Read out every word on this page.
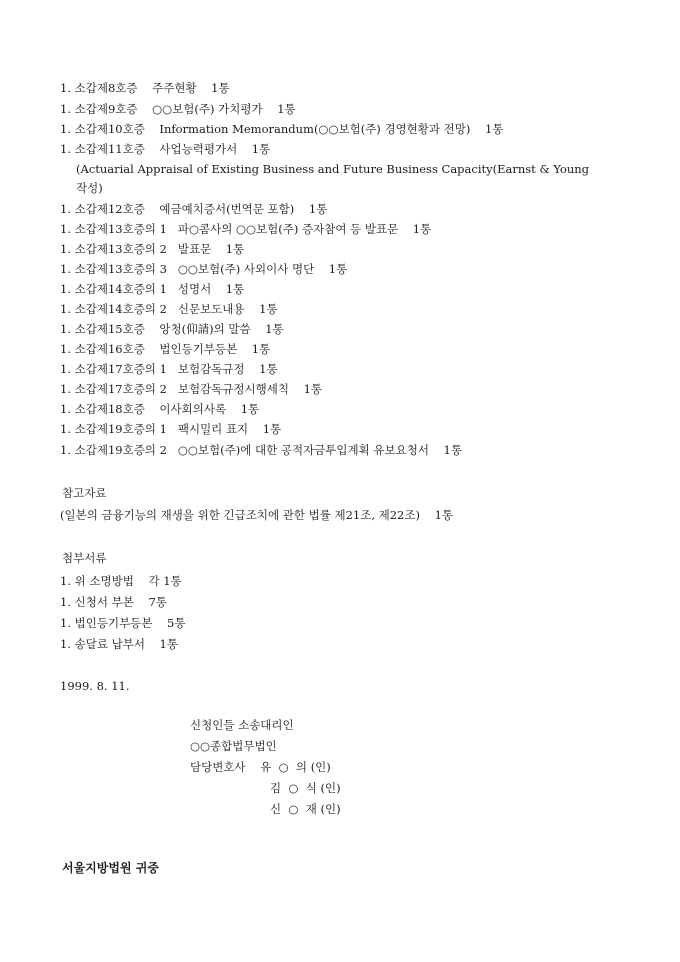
1. 소갑제8호증    주주현황    1통
1. 소갑제9호증    ○○보험(주) 가치평가    1통
1. 소갑제10호증    Information Memorandum(○○보험(주) 경영현황과 전망)    1통
1. 소갑제11호증    사업능력평가서    1통
(Actuarial Appraisal of Existing Business and Future Business Capacity(Earnst & Young
작성)
1. 소갑제12호증    예금예치증서(번역문 포함)    1통
1. 소갑제13호증의 1   파○콤사의 ○○보험(주) 증자참여 등 발표문    1통
1. 소갑제13호증의 2   발표문    1통
1. 소갑제13호증의 3   ○○보험(주) 사외이사 명단    1통
1. 소갑제14호증의 1   성명서    1통
1. 소갑제14호증의 2   신문보도내용    1통
1. 소갑제15호증    앙청(仰請)의 말씀    1통
1. 소갑제16호증    법인등기부등본    1통
1. 소갑제17호증의 1   보험감독규정    1통
1. 소갑제17호증의 2   보험감독규정시행세칙    1통
1. 소갑제18호증    이사회의사록    1통
1. 소갑제19호증의 1   팩시밀리 표지    1통
1. 소갑제19호증의 2   ○○보험(주)에 대한 공적자금투입계획 유보요청서    1통
참고자료
(일본의 금융기능의 재생을 위한 긴급조치에 관한 법률 제21조, 제22조)    1통
첨부서류
1. 위 소명방법    각 1통
1. 신청서 부본    7통
1. 법인등기부등본    5통
1. 송달료 납부서    1통
1999. 8. 11.
신청인들 소송대리인
○○종합법무법인
담당변호사    유  ○  의 (인)
김  ○  식 (인)
신  ○  재 (인)
서울지방법원 귀중
